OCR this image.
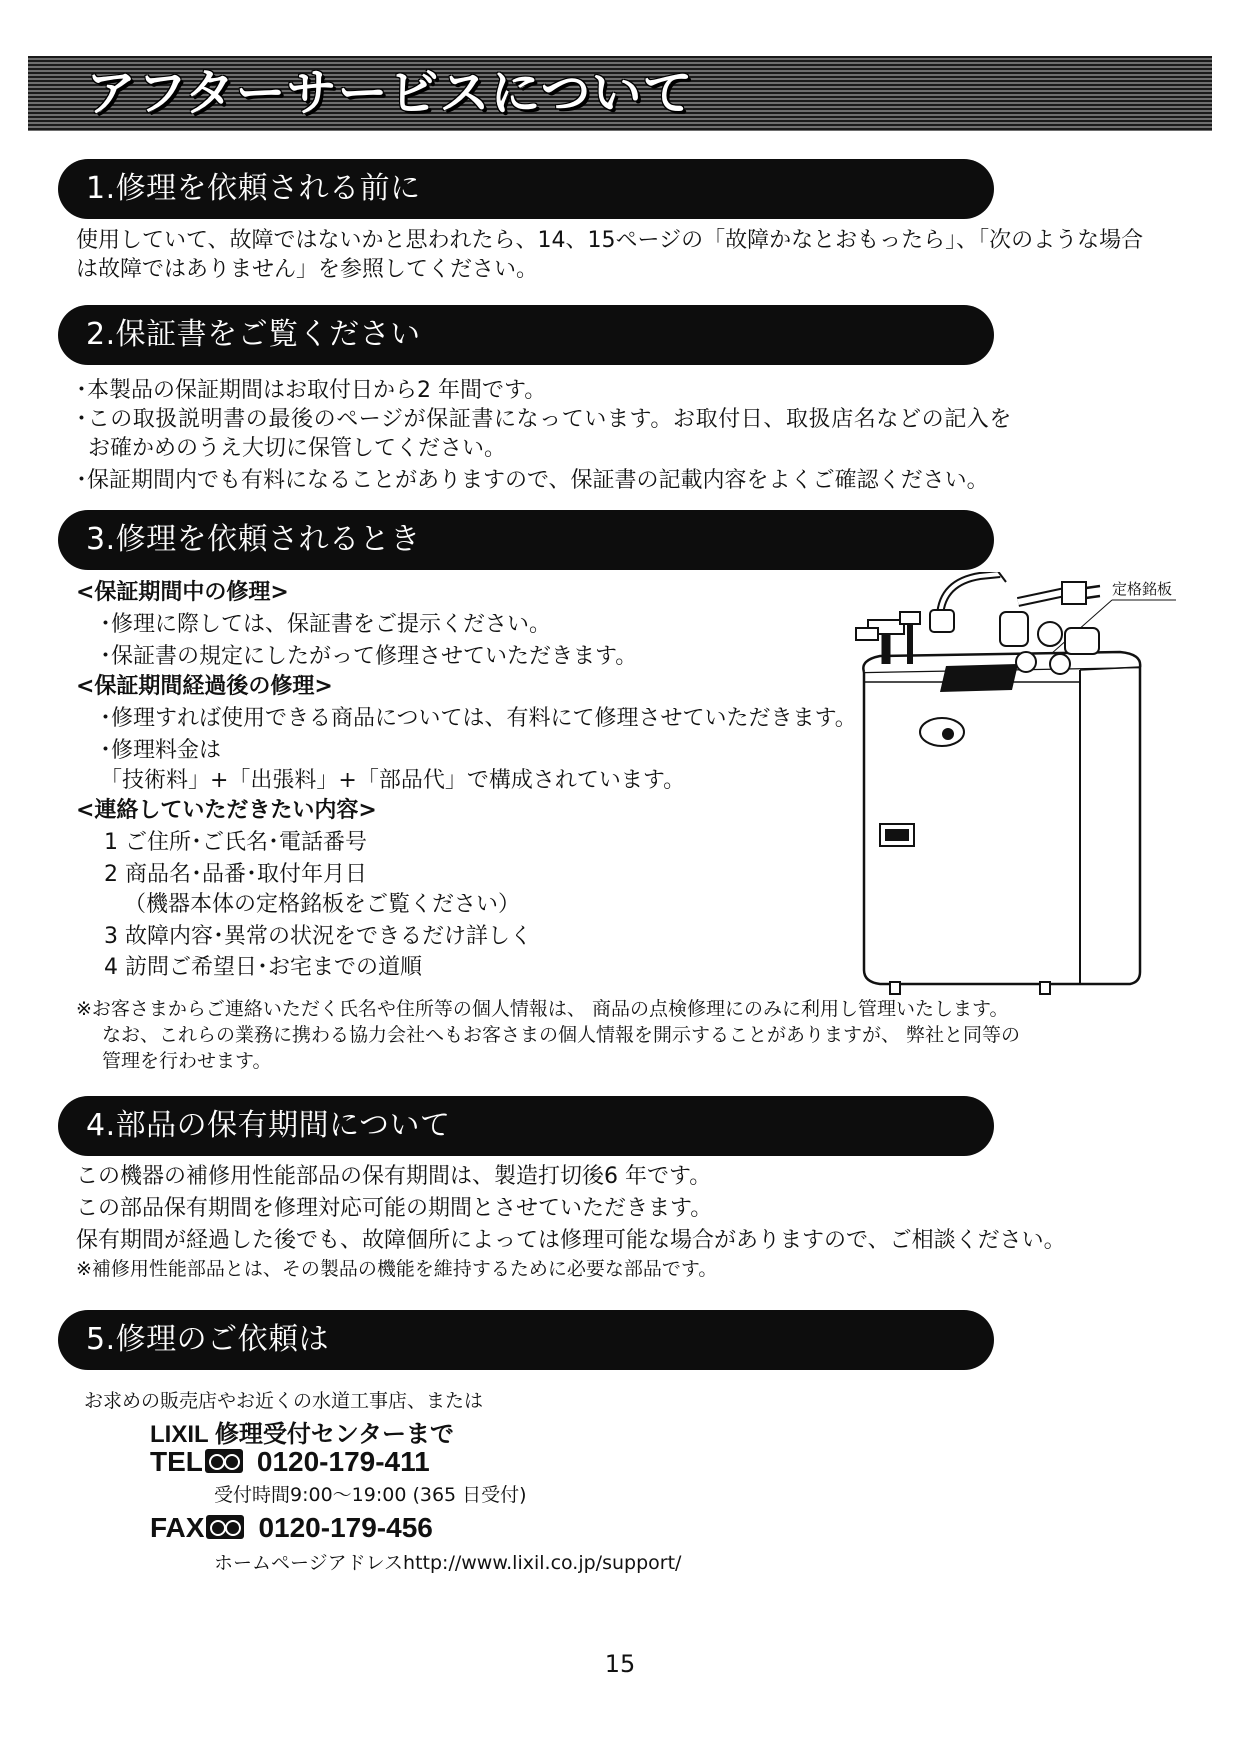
アフターサービスについて
1.修理を依頼される前に
使用していて、故障ではないかと思われたら、14、15ページの「故障かなとおもったら」、「次のような場合
は故障ではありません」を参照してください。
2.保証書をご覧ください
･本製品の保証期間はお取付日から2 年間です。
･この取扱説明書の最後のページが保証書になっています。お取付日、取扱店名などの記入を
お確かめのうえ大切に保管してください。
･保証期間内でも有料になることがありますので、保証書の記載内容をよくご確認ください。
3.修理を依頼されるとき
<保証期間中の修理>
･修理に際しては、保証書をご提示ください。
･保証書の規定にしたがって修理させていただきます。
<保証期間経過後の修理>
･修理すれば使用できる商品については、有料にて修理させていただきます。
･修理料金は
「技術料」+「出張料」+「部品代」で構成されています。
<連絡していただきたい内容>
1 ご住所･ご氏名･電話番号
2 商品名･品番･取付年月日
（機器本体の定格銘板をご覧ください）
3 故障内容･異常の状況をできるだけ詳しく
4 訪問ご希望日･お宅までの道順
※お客さまからご連絡いただく氏名や住所等の個人情報は、 商品の点検修理にのみに利用し管理いたします。
なお、これらの業務に携わる協力会社へもお客さまの個人情報を開示することがありますが、 弊社と同等の
管理を行わせます。
定格銘板
4.部品の保有期間について
この機器の補修用性能部品の保有期間は、製造打切後6 年です。
この部品保有期間を修理対応可能の期間とさせていただきます。
保有期間が経過した後でも、故障個所によっては修理可能な場合がありますので、ご相談ください。
※補修用性能部品とは、その製品の機能を維持するために必要な部品です。
5.修理のご依頼は
お求めの販売店やお近くの水道工事店、または
LIXIL 修理受付センターまで
TEL 0120-179-411
受付時間9:00～19:00 (365 日受付)
FAX 0120-179-456
ホームページアドレスhttp://www.lixil.co.jp/support/
15
